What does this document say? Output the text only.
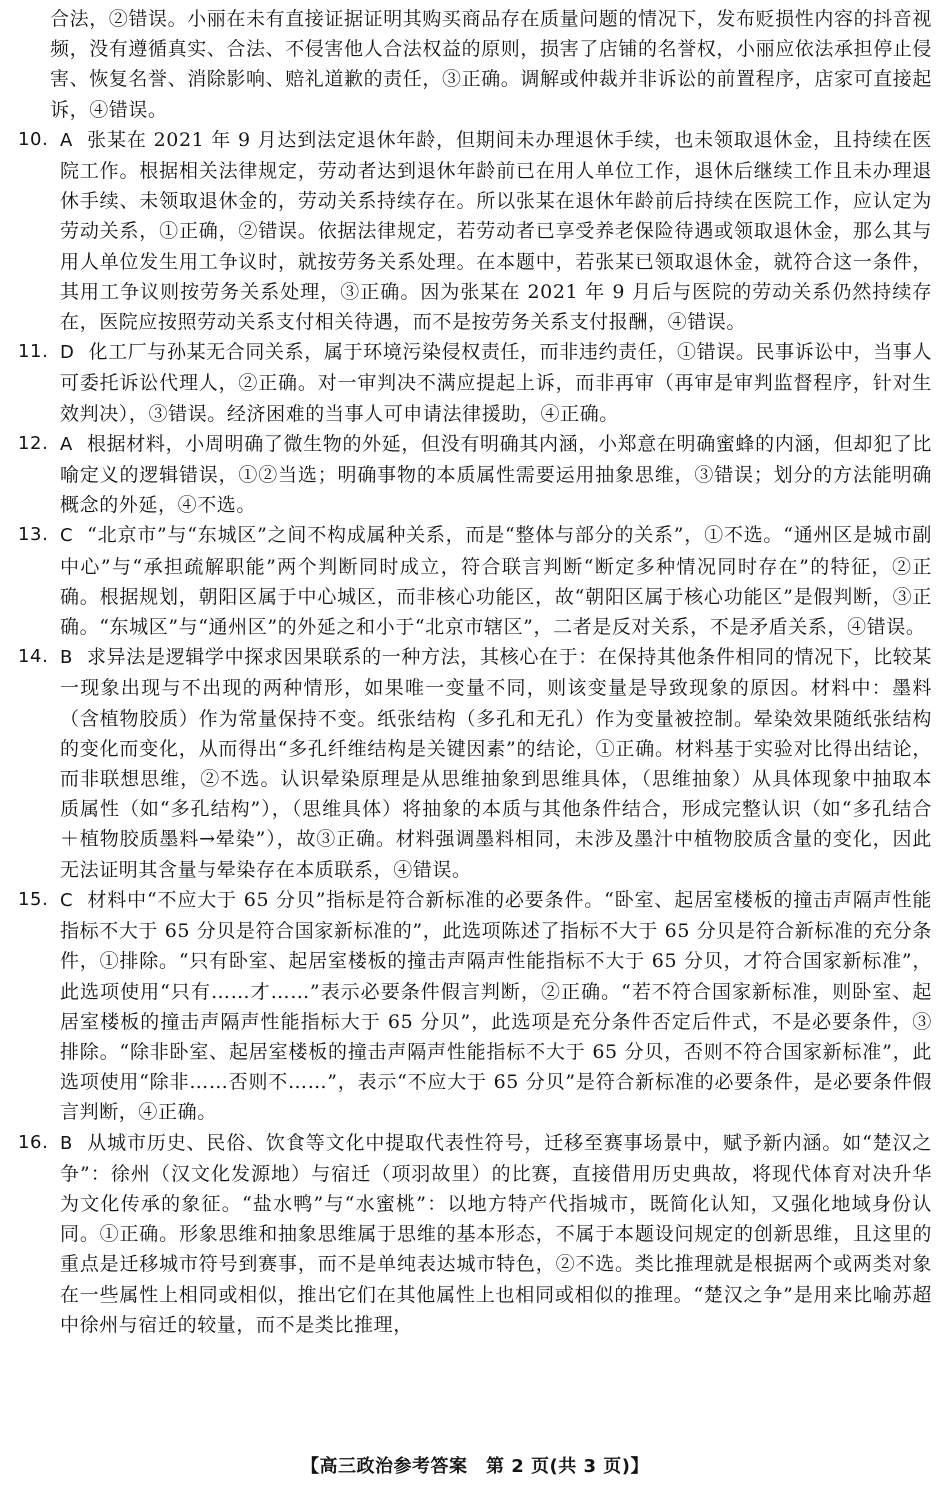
合法，②错误。小丽在未有直接证据证明其购买商品存在质量问题的情况下，发布贬损性内容的抖音视频，没有遵循真实、合法、不侵害他人合法权益的原则，损害了店铺的名誉权，小丽应依法承担停止侵害、恢复名誉、消除影响、赔礼道歉的责任，③正确。调解或仲裁并非诉讼的前置程序，店家可直接起诉，④错误。

10. A 张某在 2021 年 9 月达到法定退休年龄，但期间未办理退休手续，也未领取退休金，且持续在医院工作。根据相关法律规定，劳动者达到退休年龄前已在用人单位工作，退休后继续工作且未办理退休手续、未领取退休金的，劳动关系持续存在。所以张某在退休年龄前后持续在医院工作，应认定为劳动关系，①正确，②错误。依据法律规定，若劳动者已享受养老保险待遇或领取退休金，那么其与用人单位发生用工争议时，就按劳务关系处理。在本题中，若张某已领取退休金，就符合这一条件，其用工争议则按劳务关系处理，③正确。因为张某在 2021 年 9 月后与医院的劳动关系仍然持续存在，医院应按照劳动关系支付相关待遇，而不是按劳务关系支付报酬，④错误。
11. D 化工厂与孙某无合同关系，属于环境污染侵权责任，而非违约责任，①错误。民事诉讼中，当事人可委托诉讼代理人，②正确。对一审判决不满应提起上诉，而非再审（再审是审判监督程序，针对生效判决），③错误。经济困难的当事人可申请法律援助，④正确。
12. A 根据材料，小周明确了微生物的外延，但没有明确其内涵，小郑意在明确蜜蜂的内涵，但却犯了比喻定义的逻辑错误，①②当选；明确事物的本质属性需要运用抽象思维，③错误；划分的方法能明确概念的外延，④不选。
13. C “北京市”与“东城区”之间不构成属种关系，而是“整体与部分的关系”，①不选。“通州区是城市副中心”与“承担疏解职能”两个判断同时成立，符合联言判断“断定多种情况同时存在”的特征，②正确。根据规划，朝阳区属于中心城区，而非核心功能区，故“朝阳区属于核心功能区”是假判断，③正确。“东城区”与“通州区”的外延之和小于“北京市辖区”，二者是反对关系，不是矛盾关系，④错误。
14. B 求异法是逻辑学中探求因果联系的一种方法，其核心在于：在保持其他条件相同的情况下，比较某一现象出现与不出现的两种情形，如果唯一变量不同，则该变量是导致现象的原因。材料中：墨料（含植物胶质）作为常量保持不变。纸张结构（多孔和无孔）作为变量被控制。晕染效果随纸张结构的变化而变化，从而得出“多孔纤维结构是关键因素”的结论，①正确。材料基于实验对比得出结论，而非联想思维，②不选。认识晕染原理是从思维抽象到思维具体，（思维抽象）从具体现象中抽取本质属性（如“多孔结构”），（思维具体）将抽象的本质与其他条件结合，形成完整认识（如“多孔结合＋植物胶质墨料→晕染”），故③正确。材料强调墨料相同，未涉及墨汁中植物胶质含量的变化，因此无法证明其含量与晕染存在本质联系，④错误。
15. C 材料中“不应大于 65 分贝”指标是符合新标准的必要条件。“卧室、起居室楼板的撞击声隔声性能指标不大于 65 分贝是符合国家新标准的”，此选项陈述了指标不大于 65 分贝是符合新标准的充分条件，①排除。“只有卧室、起居室楼板的撞击声隔声性能指标不大于 65 分贝，才符合国家新标准”，此选项使用“只有……才……”表示必要条件假言判断，②正确。“若不符合国家新标准，则卧室、起居室楼板的撞击声隔声性能指标大于 65 分贝”，此选项是充分条件否定后件式，不是必要条件，③排除。“除非卧室、起居室楼板的撞击声隔声性能指标不大于 65 分贝，否则不符合国家新标准”，此选项使用“除非……否则不……”，表示“不应大于 65 分贝”是符合新标准的必要条件，是必要条件假言判断，④正确。
16. B 从城市历史、民俗、饮食等文化中提取代表性符号，迁移至赛事场景中，赋予新内涵。如“楚汉之争”：徐州（汉文化发源地）与宿迁（项羽故里）的比赛，直接借用历史典故，将现代体育对决升华为文化传承的象征。“盐水鸭”与“水蜜桃”：以地方特产代指城市，既简化认知，又强化地域身份认同。①正确。形象思维和抽象思维属于思维的基本形态，不属于本题设问规定的创新思维，且这里的重点是迁移城市符号到赛事，而不是单纯表达城市特色，②不选。类比推理就是根据两个或两类对象在一些属性上相同或相似，推出它们在其他属性上也相同或相似的推理。“楚汉之争”是用来比喻苏超中徐州与宿迁的较量，而不是类比推理，
【高三政治参考答案　第 2 页(共 3 页)】
